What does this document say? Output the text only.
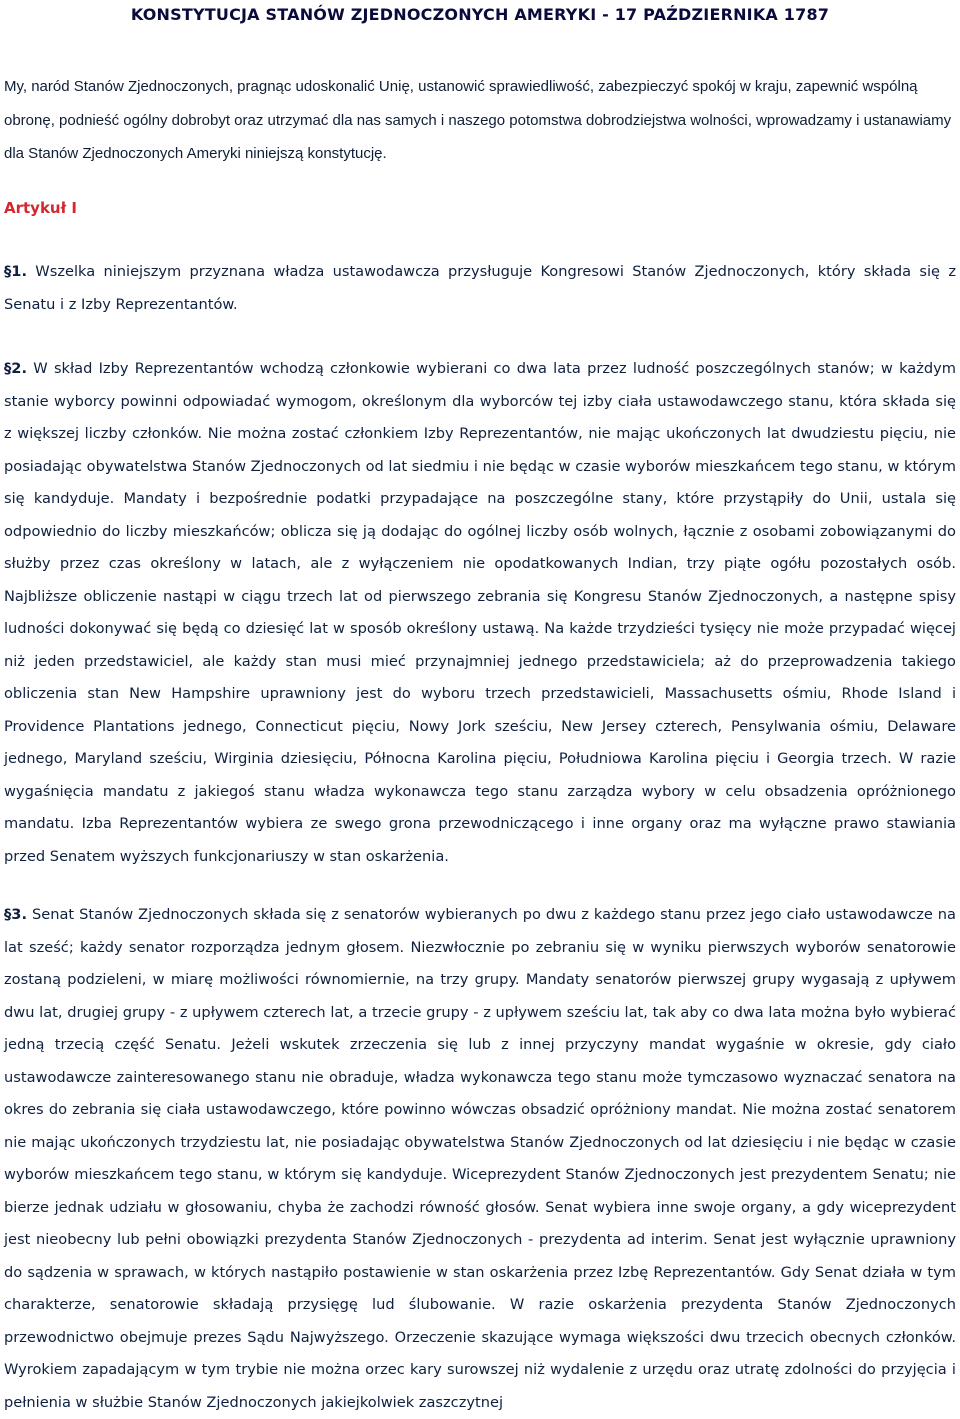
KONSTYTUCJA STANÓW ZJEDNOCZONYCH AMERYKI - 17 PAŹDZIERNIKA 1787
My, naród Stanów Zjednoczonych, pragnąc udoskonalić Unię, ustanowić sprawiedliwość, zabezpieczyć spokój w kraju, zapewnić wspólną obronę, podnieść ogólny dobrobyt oraz utrzymać dla nas samych i naszego potomstwa dobrodziejstwa wolności, wprowadzamy i ustanawiamy dla Stanów Zjednoczonych Ameryki niniejszą konstytucję.
Artykuł I
§1. Wszelka niniejszym przyznana władza ustawodawcza przysługuje Kongresowi Stanów Zjednoczonych, który składa się z Senatu i z Izby Reprezentantów.
§2. W skład Izby Reprezentantów wchodzą członkowie wybierani co dwa lata przez ludność poszczególnych stanów; w każdym stanie wyborcy powinni odpowiadać wymogom, określonym dla wyborców tej izby ciała ustawodawczego stanu, która składa się z większej liczby członków. Nie można zostać członkiem Izby Reprezentantów, nie mając ukończonych lat dwudziestu pięciu, nie posiadając obywatelstwa Stanów Zjednoczonych od lat siedmiu i nie będąc w czasie wyborów mieszkańcem tego stanu, w którym się kandyduje. Mandaty i bezpośrednie podatki przypadające na poszczególne stany, które przystąpiły do Unii, ustala się odpowiednio do liczby mieszkańców; oblicza się ją dodając do ogólnej liczby osób wolnych, łącznie z osobami zobowiązanymi do służby przez czas określony w latach, ale z wyłączeniem nie opodatkowanych Indian, trzy piąte ogółu pozostałych osób. Najbliższe obliczenie nastąpi w ciągu trzech lat od pierwszego zebrania się Kongresu Stanów Zjednoczonych, a następne spisy ludności dokonywać się będą co dziesięć lat w sposób określony ustawą. Na każde trzydzieści tysięcy nie może przypadać więcej niż jeden przedstawiciel, ale każdy stan musi mieć przynajmniej jednego przedstawiciela; aż do przeprowadzenia takiego obliczenia stan New Hampshire uprawniony jest do wyboru trzech przedstawicieli, Massachusetts ośmiu, Rhode Island i Providence Plantations jednego, Connecticut pięciu, Nowy Jork sześciu, New Jersey czterech, Pensylwania ośmiu, Delaware jednego, Maryland sześciu, Wirginia dziesięciu, Północna Karolina pięciu, Południowa Karolina pięciu i Georgia trzech. W razie wygaśnięcia mandatu z jakiegoś stanu władza wykonawcza tego stanu zarządza wybory w celu obsadzenia opróżnionego mandatu. Izba Reprezentantów wybiera ze swego grona przewodniczącego i inne organy oraz ma wyłączne prawo stawiania przed Senatem wyższych funkcjonariuszy w stan oskarżenia.
§3. Senat Stanów Zjednoczonych składa się z senatorów wybieranych po dwu z każdego stanu przez jego ciało ustawodawcze na lat sześć; każdy senator rozporządza jednym głosem. Niezwłocznie po zebraniu się w wyniku pierwszych wyborów senatorowie zostaną podzieleni, w miarę możliwości równomiernie, na trzy grupy. Mandaty senatorów pierwszej grupy wygasają z upływem dwu lat, drugiej grupy - z upływem czterech lat, a trzecie grupy - z upływem sześciu lat, tak aby co dwa lata można było wybierać jedną trzecią część Senatu. Jeżeli wskutek zrzeczenia się lub z innej przyczyny mandat wygaśnie w okresie, gdy ciało ustawodawcze zainteresowanego stanu nie obraduje, władza wykonawcza tego stanu może tymczasowo wyznaczać senatora na okres do zebrania się ciała ustawodawczego, które powinno wówczas obsadzić opróżniony mandat. Nie można zostać senatorem nie mając ukończonych trzydziestu lat, nie posiadając obywatelstwa Stanów Zjednoczonych od lat dziesięciu i nie będąc w czasie wyborów mieszkańcem tego stanu, w którym się kandyduje. Wiceprezydent Stanów Zjednoczonych jest prezydentem Senatu; nie bierze jednak udziału w głosowaniu, chyba że zachodzi równość głosów. Senat wybiera inne swoje organy, a gdy wiceprezydent jest nieobecny lub pełni obowiązki prezydenta Stanów Zjednoczonych - prezydenta ad interim. Senat jest wyłącznie uprawniony do sądzenia w sprawach, w których nastąpiło postawienie w stan oskarżenia przez Izbę Reprezentantów. Gdy Senat działa w tym charakterze, senatorowie składają przysięgę lud ślubowanie. W razie oskarżenia prezydenta Stanów Zjednoczonych przewodnictwo obejmuje prezes Sądu Najwyższego. Orzeczenie skazujące wymaga większości dwu trzecich obecnych członków. Wyrokiem zapadającym w tym trybie nie można orzec kary surowszej niż wydalenie z urzędu oraz utratę zdolności do przyjęcia i pełnienia w służbie Stanów Zjednoczonych jakiejkolwiek zaszczytnej
